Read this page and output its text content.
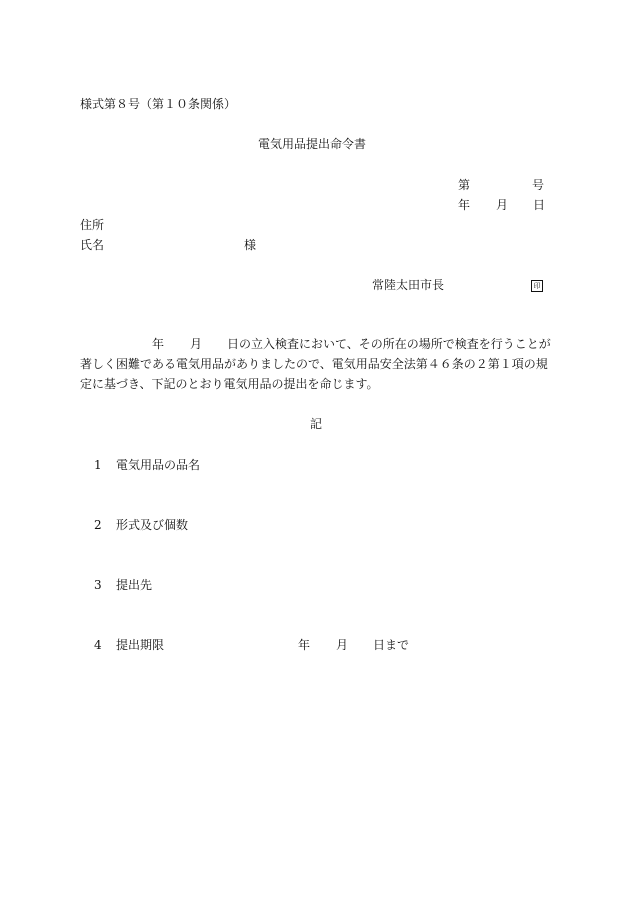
様式第８号（第１０条関係）
電気用品提出命令書
第	号
年 月 日
住所
氏名	様
常陸太田市長	印
年 月 日の立入検査において、その所在の場所で検査を行うことが
著しく困難である電気用品がありましたので、電気用品安全法第４６条の２第１項の規
定に基づき、下記のとおり電気用品の提出を命じます。
記
1 電気用品の品名
2 形式及び個数
3 提出先
4 提出期限	年 月 日まで
